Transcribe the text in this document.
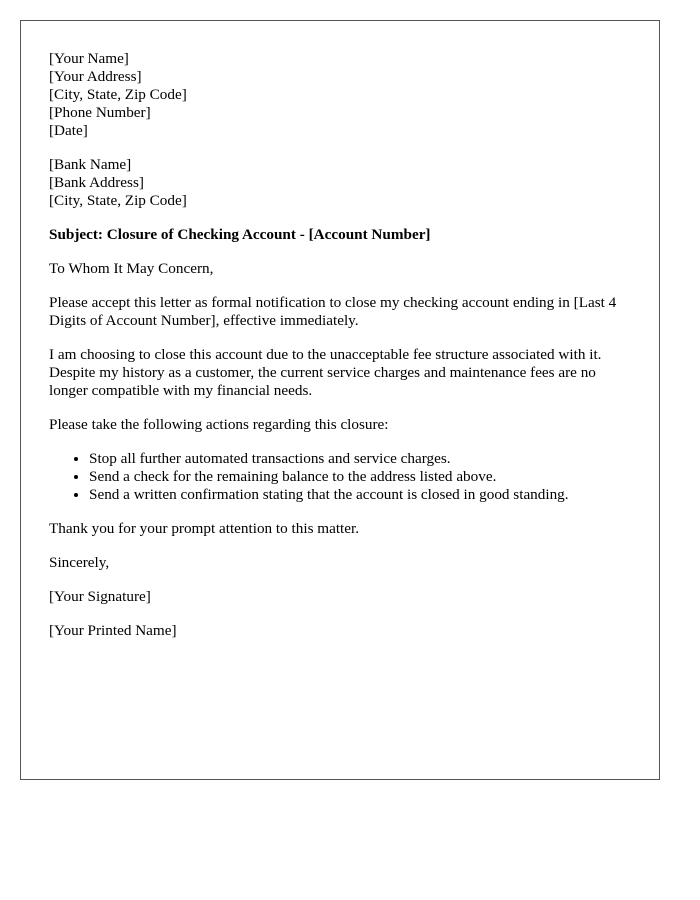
[Your Name]
[Your Address]
[City, State, Zip Code]
[Phone Number]
[Date]
[Bank Name]
[Bank Address]
[City, State, Zip Code]

Subject: Closure of Checking Account - [Account Number]

To Whom It May Concern,

Please accept this letter as formal notification to close my checking account ending in [Last 4 Digits of Account Number], effective immediately.

I am choosing to close this account due to the unacceptable fee structure associated with it. Despite my history as a customer, the current service charges and maintenance fees are no longer compatible with my financial needs.

Please take the following actions regarding this closure:

• Stop all further automated transactions and service charges.
• Send a check for the remaining balance to the address listed above.
• Send a written confirmation stating that the account is closed in good standing.

Thank you for your prompt attention to this matter.

Sincerely,

[Your Signature]

[Your Printed Name]
